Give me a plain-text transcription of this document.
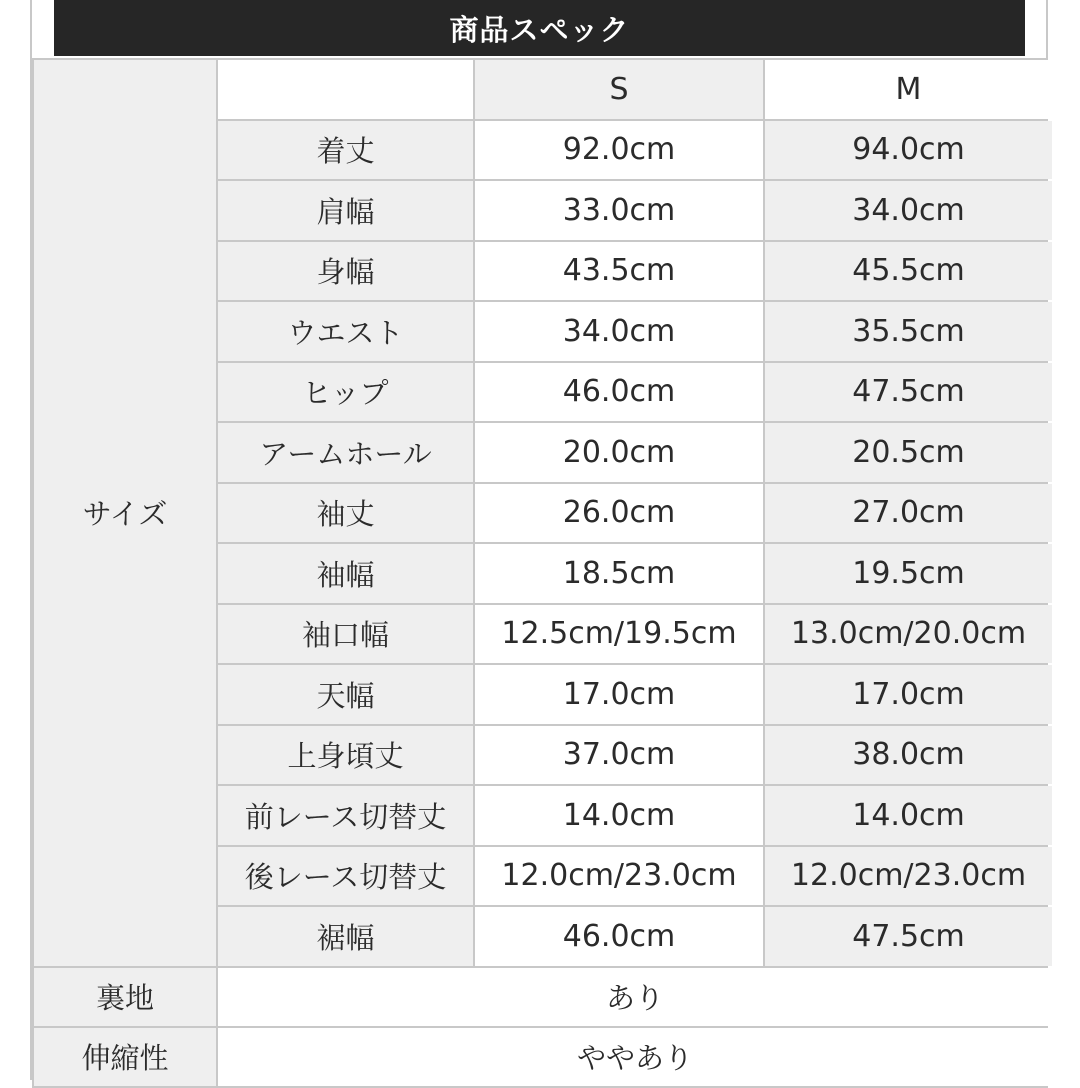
商品スペック
サイズ
S	M
着丈	92.0cm	94.0cm
肩幅	33.0cm	34.0cm
身幅	43.5cm	45.5cm
ウエスト	34.0cm	35.5cm
ヒップ	46.0cm	47.5cm
アームホール	20.0cm	20.5cm
袖丈	26.0cm	27.0cm
袖幅	18.5cm	19.5cm
袖口幅	12.5cm/19.5cm	13.0cm/20.0cm
天幅	17.0cm	17.0cm
上身頃丈	37.0cm	38.0cm
前レース切替丈	14.0cm	14.0cm
後レース切替丈	12.0cm/23.0cm	12.0cm/23.0cm
裾幅	46.0cm	47.5cm
裏地	あり
伸縮性	ややあり
